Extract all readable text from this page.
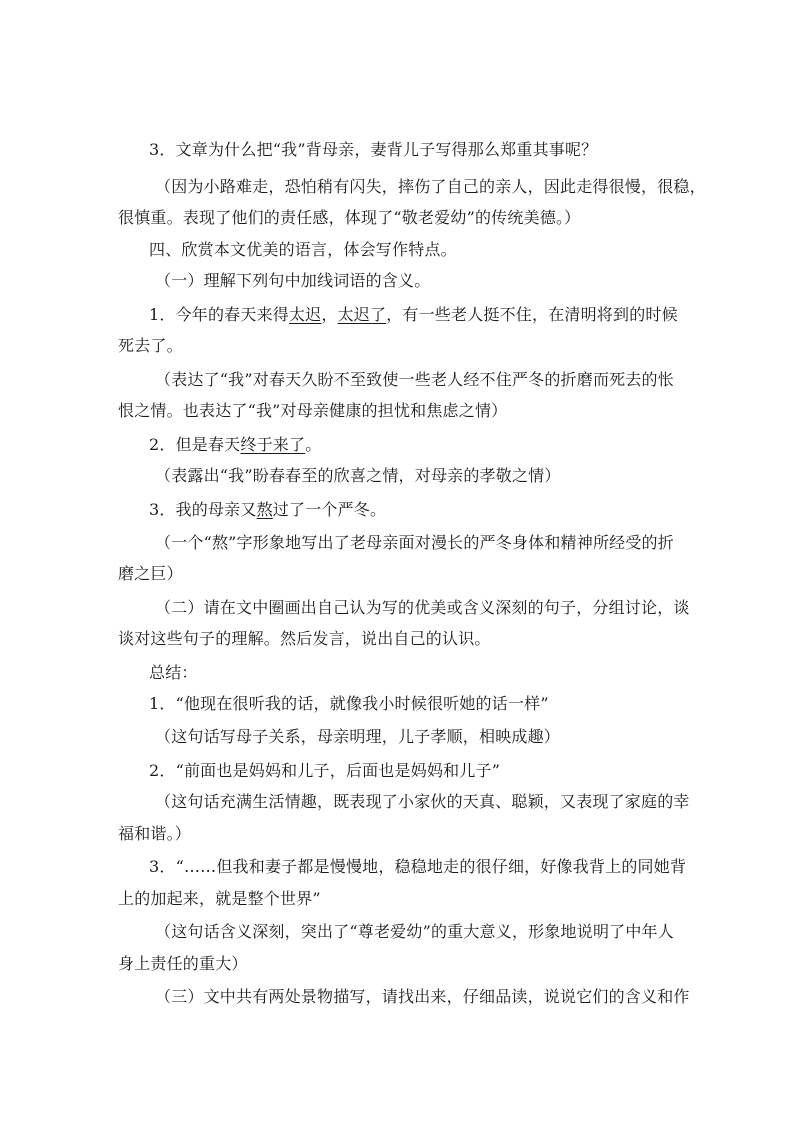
3．文章为什么把“我”背母亲，妻背儿子写得那么郑重其事呢？
（因为小路难走，恐怕稍有闪失，摔伤了自己的亲人，因此走得很慢，很稳，
很慎重。表现了他们的责任感，体现了“敬老爱幼”的传统美德。）
四、欣赏本文优美的语言，体会写作特点。
（一）理解下列句中加线词语的含义。
1．今年的春天来得太迟，太迟了，有一些老人挺不住，在清明将到的时候
死去了。
（表达了“我”对春天久盼不至致使一些老人经不住严冬的折磨而死去的怅
恨之情。也表达了“我”对母亲健康的担忧和焦虑之情）
2．但是春天终于来了。
（表露出“我”盼春春至的欣喜之情，对母亲的孝敬之情）
3．我的母亲又熬过了一个严冬。
（一个“熬”字形象地写出了老母亲面对漫长的严冬身体和精神所经受的折
磨之巨）
（二）请在文中圈画出自己认为写的优美或含义深刻的句子，分组讨论，谈
谈对这些句子的理解。然后发言，说出自己的认识。
总结：
1．“他现在很听我的话，就像我小时候很听她的话一样”
（这句话写母子关系，母亲明理，儿子孝顺，相映成趣）
2．“前面也是妈妈和儿子，后面也是妈妈和儿子”
（这句话充满生活情趣，既表现了小家伙的天真、聪颖，又表现了家庭的幸
福和谐。）
3．“……但我和妻子都是慢慢地，稳稳地走的很仔细，好像我背上的同她背
上的加起来，就是整个世界”
（这句话含义深刻，突出了“尊老爱幼”的重大意义，形象地说明了中年人
身上责任的重大）
（三）文中共有两处景物描写，请找出来，仔细品读，说说它们的含义和作
